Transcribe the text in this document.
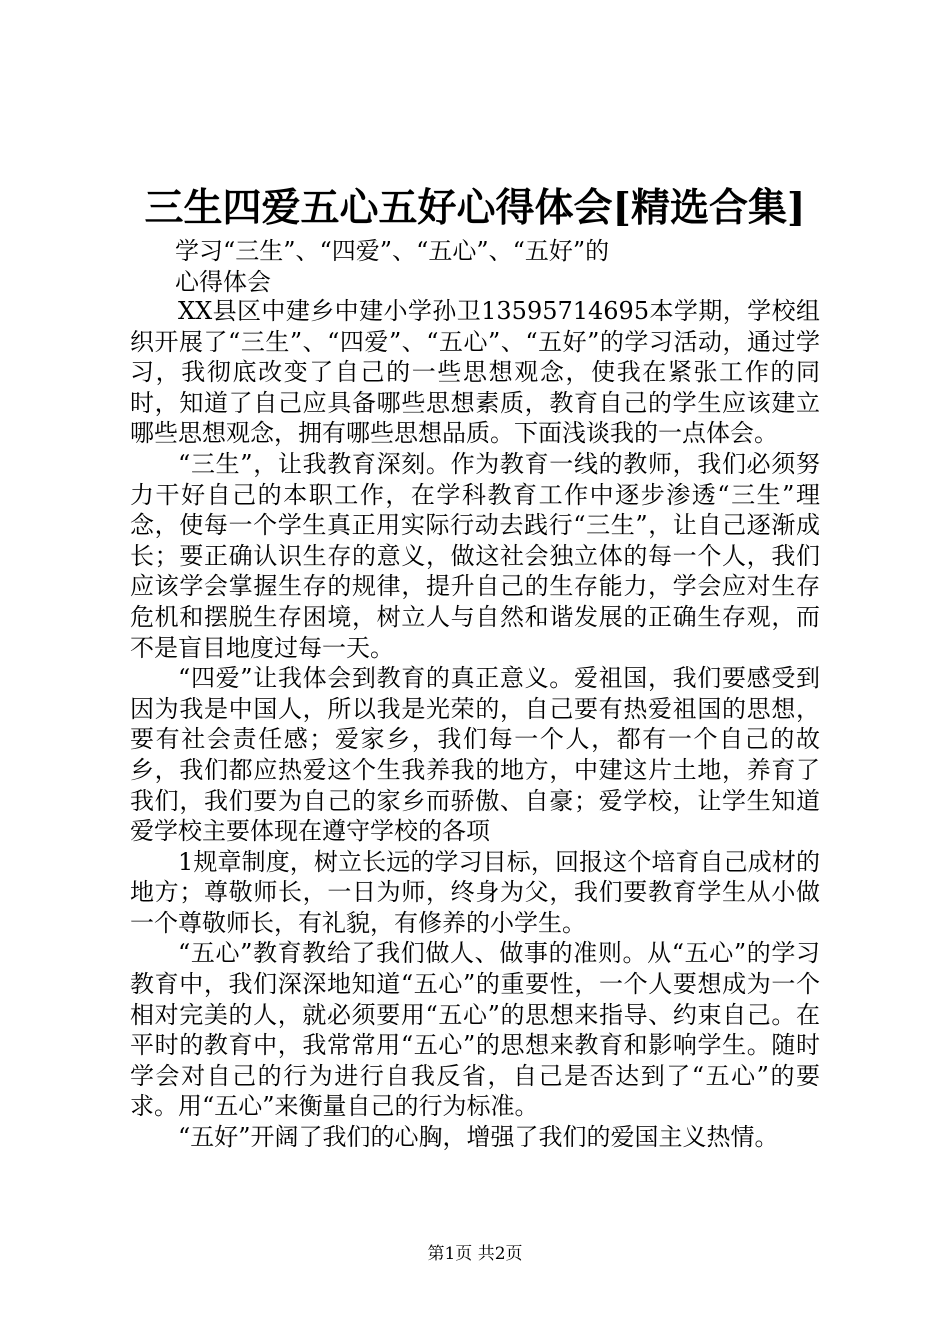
三生四爱五心五好心得体会[精选合集]
学习“三生”、“四爱”、“五心”、“五好”的
心得体会

XX县区中建乡中建小学孙卫13595714695本学期，学校组织开展了“三生”、“四爱”、“五心”、“五好”的学习活动，通过学习，我彻底改变了自己的一些思想观念，使我在紧张工作的同时，知道了自己应具备哪些思想素质，教育自己的学生应该建立哪些思想观念，拥有哪些思想品质。下面浅谈我的一点体会。

“三生”，让我教育深刻。作为教育一线的教师，我们必须努力干好自己的本职工作，在学科教育工作中逐步渗透“三生”理念，使每一个学生真正用实际行动去践行“三生”，让自己逐渐成长；要正确认识生存的意义，做这社会独立体的每一个人，我们应该学会掌握生存的规律，提升自己的生存能力，学会应对生存危机和摆脱生存困境，树立人与自然和谐发展的正确生存观，而不是盲目地度过每一天。

“四爱”让我体会到教育的真正意义。爱祖国，我们要感受到因为我是中国人，所以我是光荣的，自己要有热爱祖国的思想，要有社会责任感；爱家乡，我们每一个人，都有一个自己的故乡，我们都应热爱这个生我养我的地方，中建这片土地，养育了我们，我们要为自己的家乡而骄傲、自豪；爱学校，让学生知道爱学校主要体现在遵守学校的各项

1规章制度，树立长远的学习目标，回报这个培育自己成材的地方；尊敬师长，一日为师，终身为父，我们要教育学生从小做一个尊敬师长，有礼貌，有修养的小学生。

“五心”教育教给了我们做人、做事的准则。从“五心”的学习教育中，我们深深地知道“五心”的重要性，一个人要想成为一个相对完美的人，就必须要用“五心”的思想来指导、约束自己。在平时的教育中，我常常用“五心”的思想来教育和影响学生。随时学会对自己的行为进行自我反省，自己是否达到了“五心”的要求。用“五心”来衡量自己的行为标准。

“五好”开阔了我们的心胸，增强了我们的爱国主义热情。

第1页 共2页
